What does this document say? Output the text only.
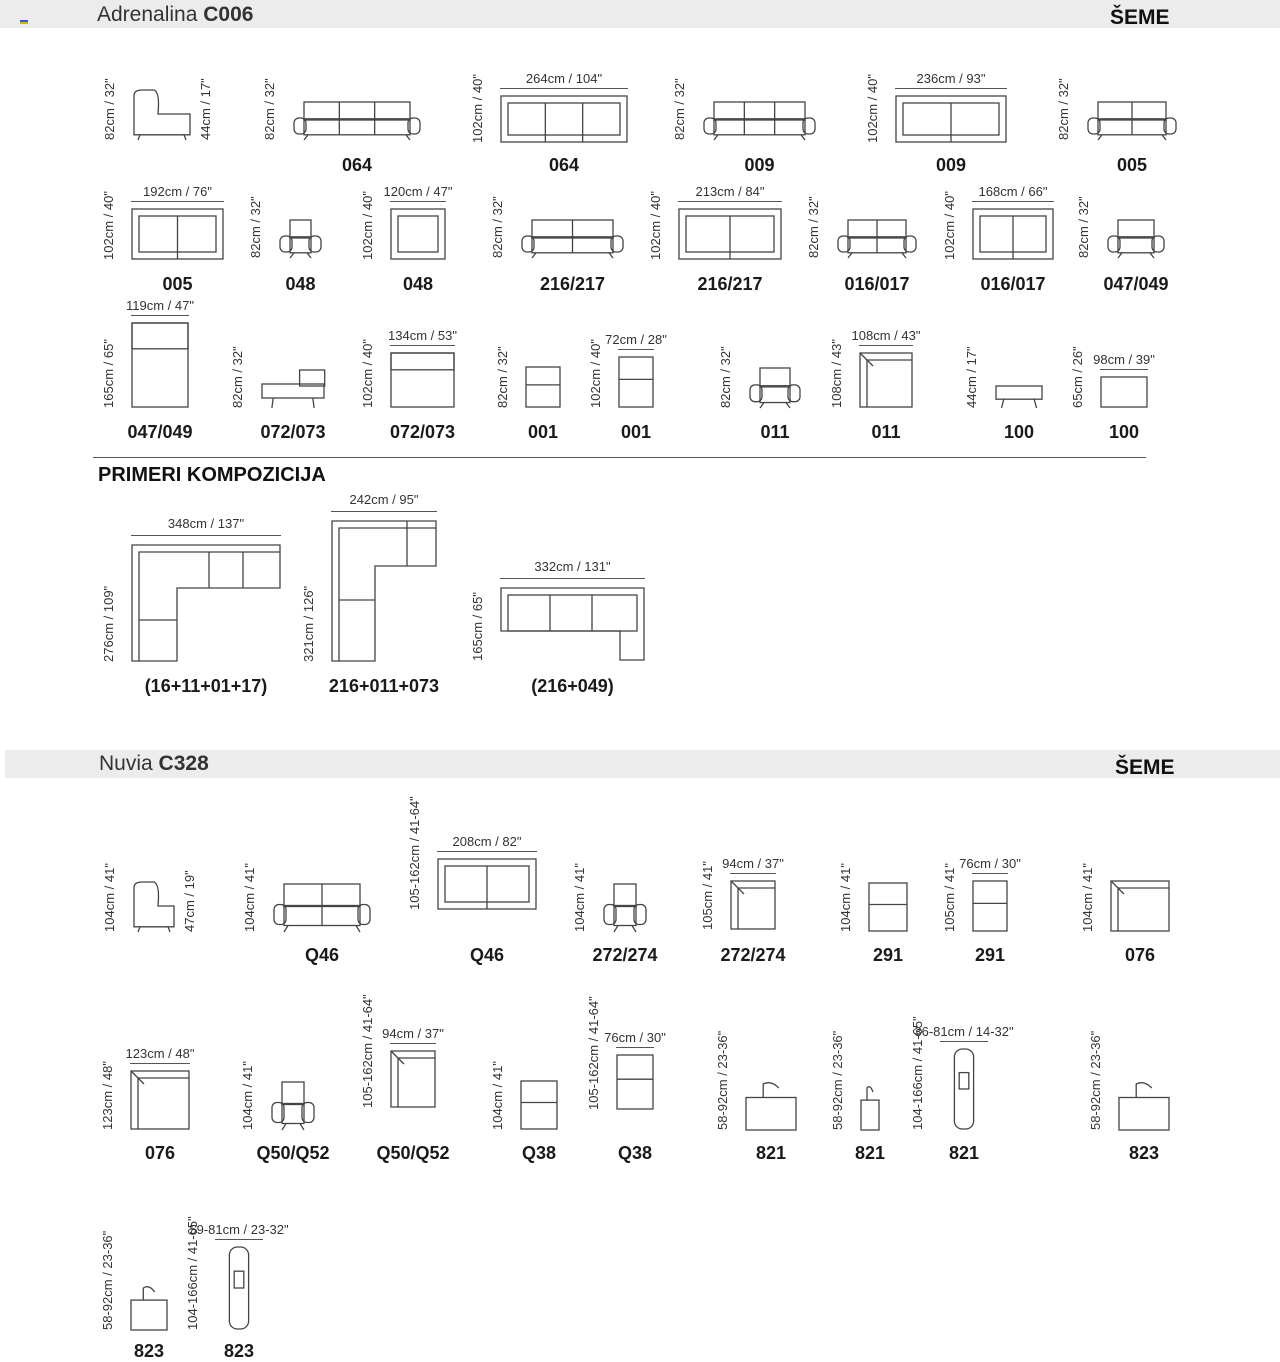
Adrenalina C006	ŠEME
82cm / 32"	44cm / 17"	82cm / 32"
064
102cm / 40"	264cm / 104"
064
82cm / 32"
009
102cm / 40"	236cm / 93"
009
82cm / 32"
005
102cm / 40" 192cm / 76"
005
82cm / 32"
048
102cm / 40" 120cm / 47"
048
82cm / 32"
216/217
102cm / 40"	213cm / 84"
216/217
82cm / 32"
016/017
102cm / 40" 168cm / 66"
016/017
82cm / 32"
047/049
165cm / 65"
119cm / 47"
047/049
82cm / 32"
072/073
102cm / 40"
134cm / 53"
072/073
82cm / 32"
001
102cm / 40" 72cm / 28"
001
82cm / 32"
011
108cm / 43"
108cm / 43"
011
44cm / 17"
100
65cm / 26" 98cm / 39"
100
PRIMERI KOMPOZICIJA
348cm / 137"
276cm / 109"
(16+11+01+17)
242cm / 95"
321cm / 126"
216+011+073
332cm / 131"
165cm / 65"
(216+049)
Nuvia C328	ŠEME
104cm / 41"	47cm / 19"	104cm / 41"
Q46
105-162cm / 41-64" 208cm / 82"
Q46
104cm / 41"
272/274
105cm / 41" 94cm / 37"
272/274
104cm / 41"
291
105cm / 41" 76cm / 30"
291
104cm / 41"
076
123cm / 48"
123cm / 48"
076
104cm / 41"
Q50/Q52
105-162cm / 41-64" 94cm / 37"
Q50/Q52
104cm / 41"
Q38
105-162cm / 41-64" 76cm / 30"
Q38
58-92cm / 23-36"
821
58-92cm / 23-36"
821
104-166cm / 41-65"
36-81cm / 14-32"
821
58-92cm / 23-36"
823
58-92cm / 23-36"
823
104-166cm / 41-65"
59-81cm / 23-32"
823
